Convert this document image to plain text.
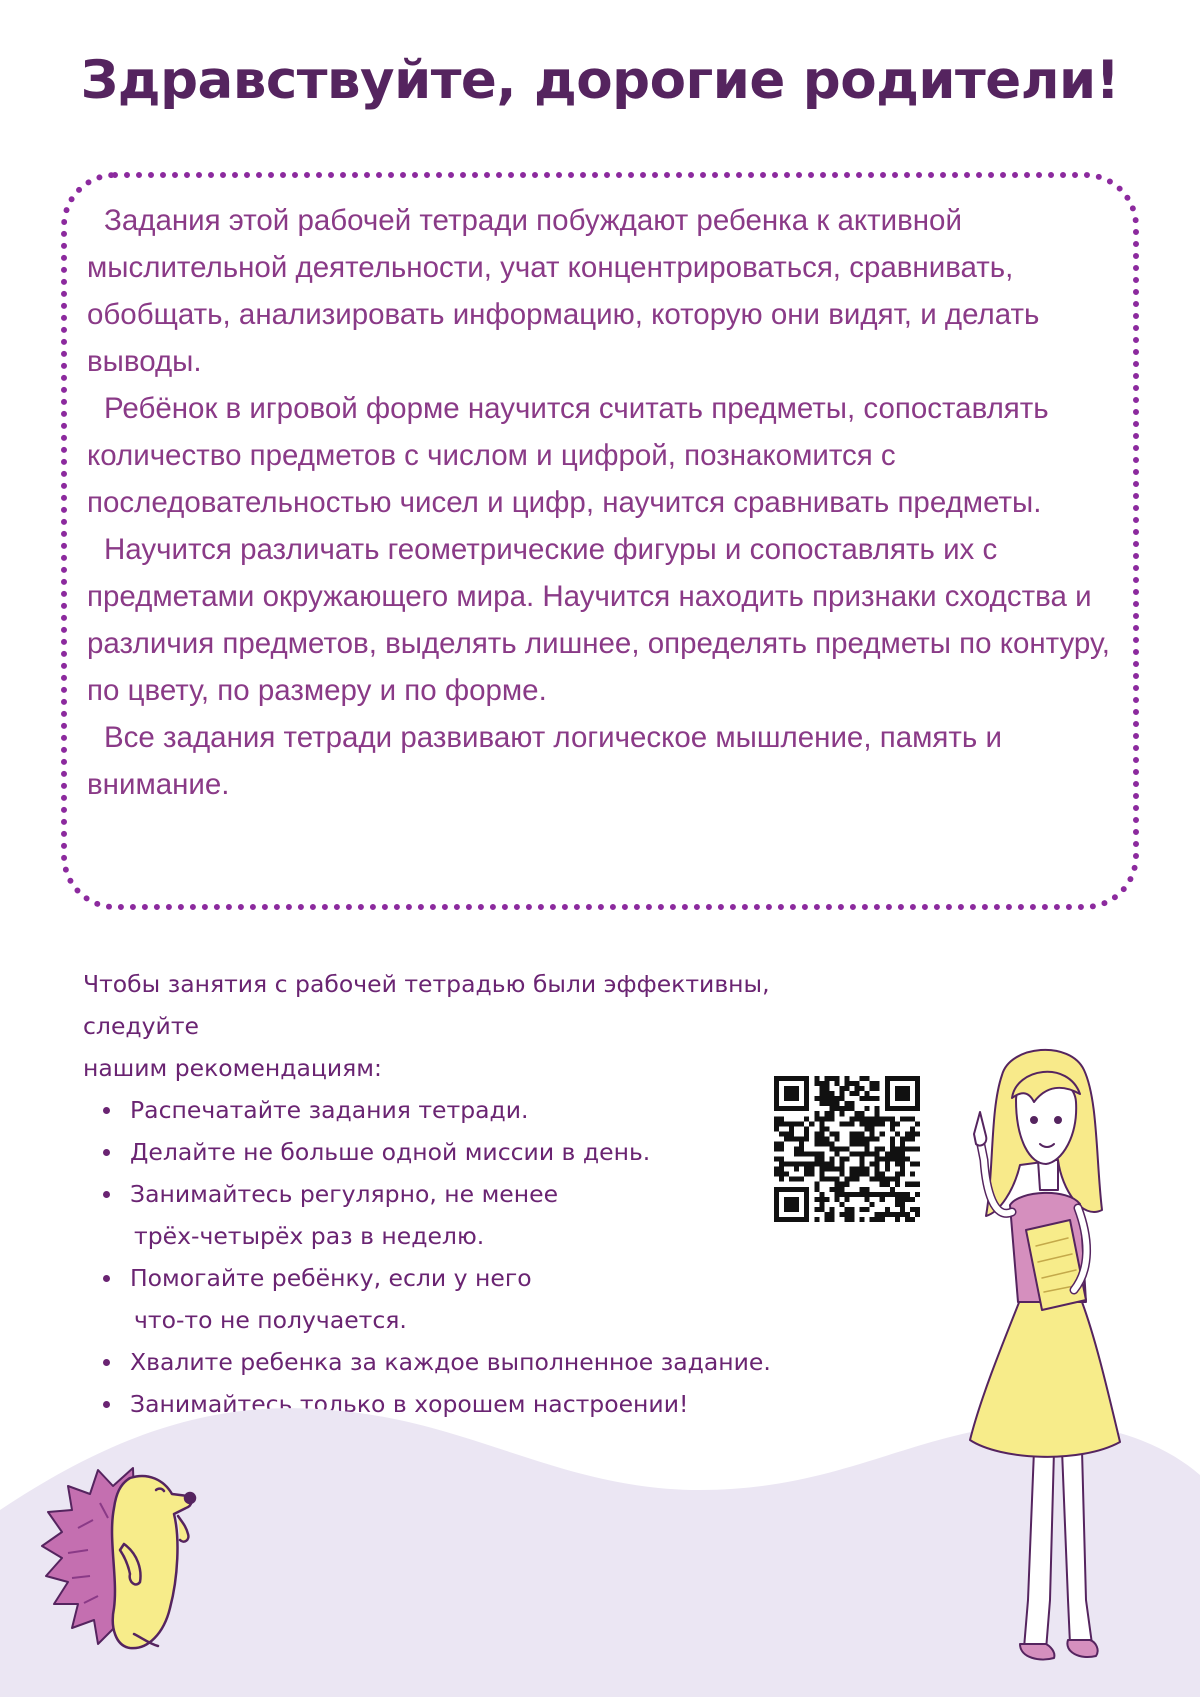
Здравствуйте, дорогие родители!

Задания этой рабочей тетради побуждают ребенка к активной мыслительной деятельности, учат концентрироваться, сравнивать, обобщать, анализировать информацию, которую они видят, и делать выводы.

Ребёнок в игровой форме научится считать предметы, сопоставлять количество предметов с числом и цифрой, познакомится с последовательностью чисел и цифр, научится сравнивать предметы.

Научится различать геометрические фигуры и сопоставлять их с предметами окружающего мира. Научится находить признаки сходства и различия предметов, выделять лишнее, определять предметы по контуру, по цвету, по размеру и по форме.

Все задания тетради развивают логическое мышление, память и внимание.

Чтобы занятия с рабочей тетрадью были эффективны, следуйте
нашим рекомендациям:

Распечатайте задания тетради.
Делайте не больше одной миссии в день.
Занимайтесь регулярно, не менее
трёх-четырёх раз в неделю.
Помогайте ребёнку, если у него
что-то не получается.
Хвалите ребенка за каждое выполненное задание.
Занимайтесь только в хорошем настроении!
